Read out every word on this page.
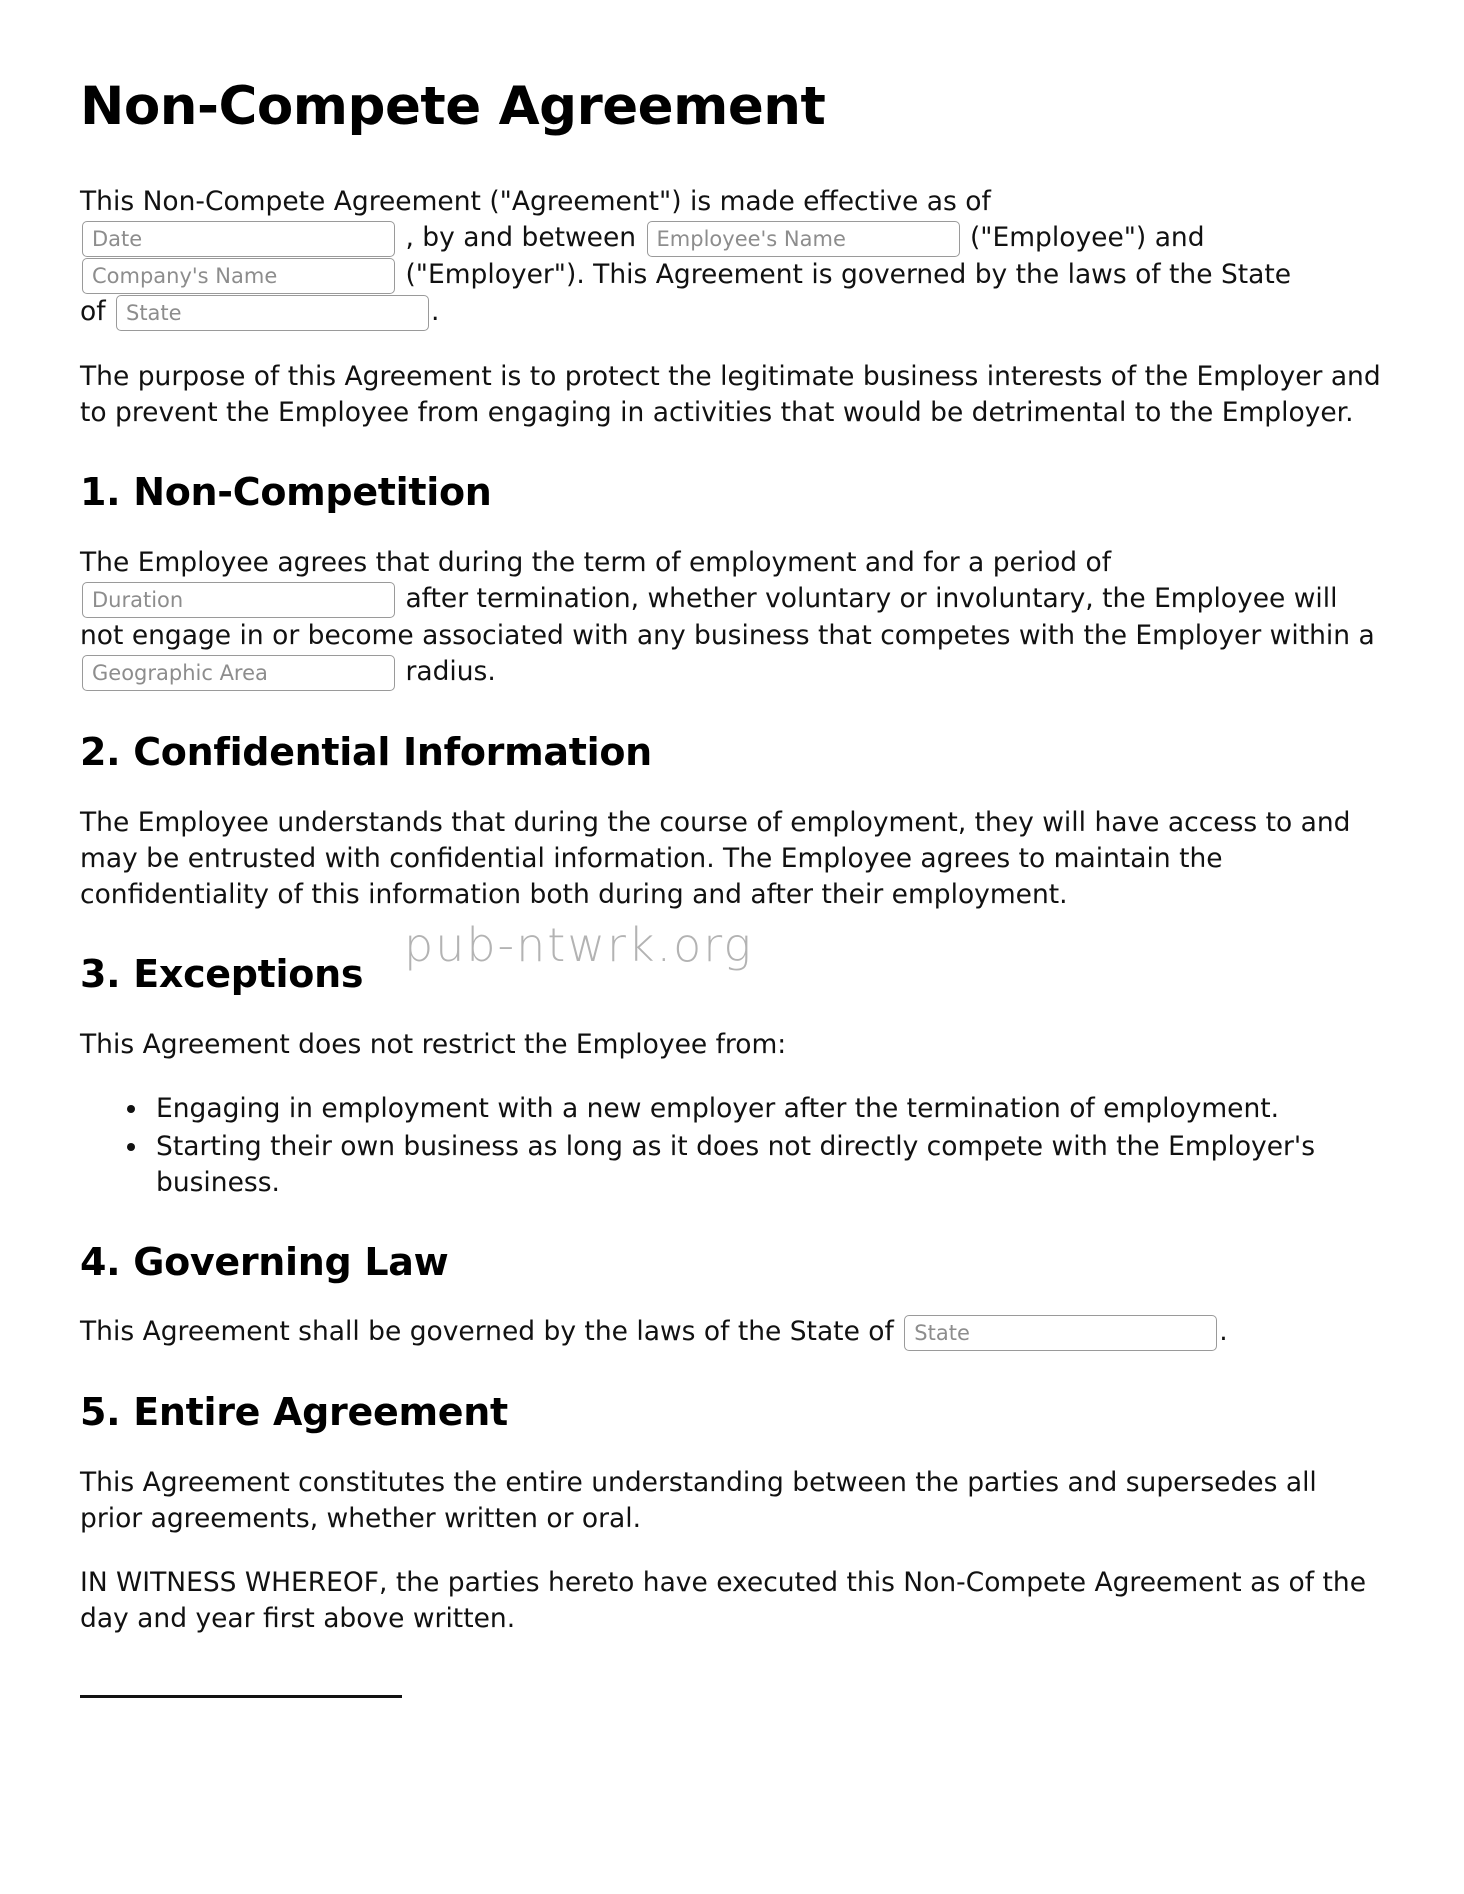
Non-Compete Agreement

This Non-Compete Agreement ("Agreement") is made effective as of
Date , by and between Employee's Name	("Employee") and
Company's Name ("Employer"). This Agreement is governed by the laws of the State
of State	.

The purpose of this Agreement is to protect the legitimate business interests of the Employer and to prevent the Employee from engaging in activities that would be detrimental to the Employer.

1. Non-Competition

The Employee agrees that during the term of employment and for a period of
Duration after termination, whether voluntary or involuntary, the Employee will not engage in or become associated with any business that competes with the Employer within a Geographic Area radius.

2. Confidential Information

The Employee understands that during the course of employment, they will have access to and may be entrusted with confidential information. The Employee agrees to maintain the confidentiality of this information both during and after their employment.

3. Exceptions

This Agreement does not restrict the Employee from:

• Engaging in employment with a new employer after the termination of employment.
• Starting their own business as long as it does not directly compete with the Employer's business.
4. Governing Law

This Agreement shall be governed by the laws of the State of State	.

5. Entire Agreement

This Agreement constitutes the entire understanding between the parties and supersedes all prior agreements, whether written or oral.

IN WITNESS WHEREOF, the parties hereto have executed this Non-Compete Agreement as of the day and year first above written.

pub-ntwrk.org
